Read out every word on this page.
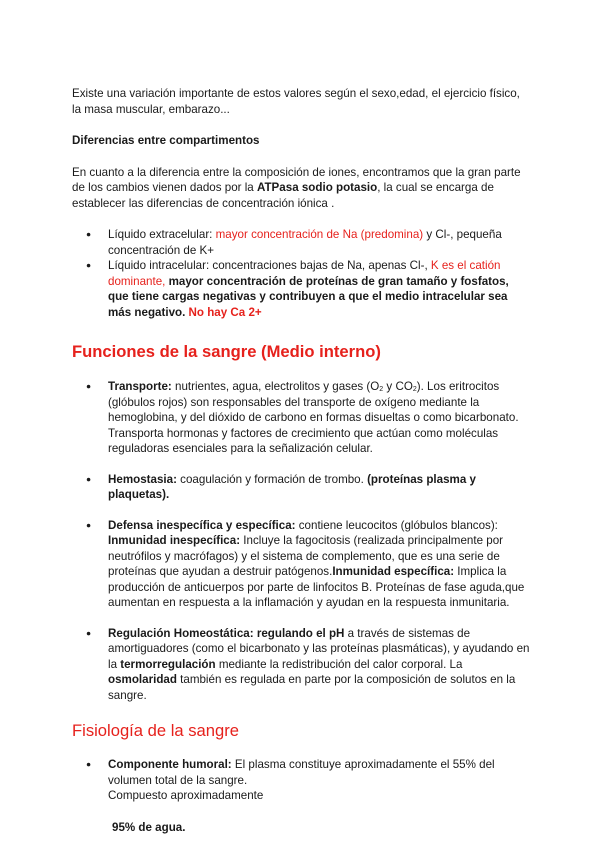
Existe una variación importante de estos valores según el sexo,edad, el ejercicio físico, la masa muscular, embarazo...

Diferencias entre compartimentos

En cuanto a la diferencia entre la composición de iones, encontramos que la gran parte de los cambios vienen dados por la ATPasa sodio potasio, la cual se encarga de establecer las diferencias de concentración iónica .

● Líquido extracelular: mayor concentración de Na (predomina) y Cl-, pequeña concentración de K+
● Líquido intracelular: concentraciones bajas de Na, apenas Cl-, K es el catión dominante, mayor concentración de proteínas de gran tamaño y fosfatos, que tiene cargas negativas y contribuyen a que el medio intracelular sea más negativo. No hay Ca 2+
Funciones de la sangre (Medio interno)
● Transporte: nutrientes, agua, electrolitos y gases ($O_2$ y $CO_2$). Los eritrocitos (glóbulos rojos) son responsables del transporte de oxígeno mediante la hemoglobina, y del dióxido de carbono en formas disueltas o como bicarbonato. Transporta hormonas y factores de crecimiento que actúan como moléculas reguladoras esenciales para la señalización celular.
● Hemostasia: coagulación y formación de trombo. (proteínas plasma y plaquetas).
● Defensa inespecífica y específica: contiene leucocitos (glóbulos blancos): Inmunidad inespecífica: Incluye la fagocitosis (realizada principalmente por neutrófilos y macrófagos) y el sistema de complemento, que es una serie de proteínas que ayudan a destruir patógenos.Inmunidad específica: Implica la producción de anticuerpos por parte de linfocitos B. Proteínas de fase aguda,que aumentan en respuesta a la inflamación y ayudan en la respuesta inmunitaria.
● Regulación Homeostática: regulando el pH a través de sistemas de amortiguadores (como el bicarbonato y las proteínas plasmáticas), y ayudando en la termorregulación mediante la redistribución del calor corporal. La osmolaridad también es regulada en parte por la composición de solutos en la sangre.
Fisiología de la sangre
● Componente humoral: El plasma constituye aproximadamente el 55% del volumen total de la sangre.
Compuesto aproximadamente

95% de agua.
